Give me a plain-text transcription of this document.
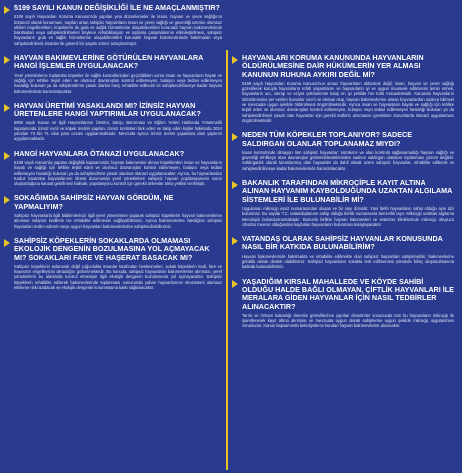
5199 SAYILI KANUN DEĞİŞİKLİĞİ İLE NE AMAÇLANMIŞTIR?

5199 sayılı Hayvanları Koruma Kanunu'nda yapılan yeni düzenlemeler ile insan, hayvan ve çevre sağlığının bütüncül olarak korunması, sayıları artan sahipsiz hayvanların insan ve çevre sağlığı ve güvenliği üzerine olumsuz etkileri engellenirken, köpeklerin de gıda ve sağlık hizmetlerine ulaşabilecekleri korunaklı hayvan bakımevlerinde bakılmaları veya sahiplendirilmeleri böylece rehabilitasyon ve aşılama çalışmalarının etkinleştirilmesi, sahipsiz hayvanların gıda ve sağlık hizmetlerine ulaşabilecekleri korunaklı hayvan bakımevlerinde bakılmaları veya sahiplendirilerek insanlar ile güvenli bir yaşam süreci amaçlanmıştır.

HAYVAN BAKIMEVLERİNE GÖTÜRÜLEN HAYVANLARA HANGİ İŞLEMLER UYGULANACAK?

Yerel yönetimlerce toplanılan köpekler ile sağlık kontrollerinden geçirildikten sonra insan ve hayvanların hayatı ve sağlığı için tehlike teşkil eden ve olumsuz davranışları kontrol edilemeyen, bulaşıcı veya tedavi edilemeyen hastalığı bulunan ya da sahiplendirme yasak olanlar hariç rehabilite edilecek ve sahiplendirilinceye kadar hayvan bakımevlerinde barındırılacaktır.

HAYVAN ÜRETİMİ YASAKLANDI MI? İZİNSİZ HAYVAN ÜRETENLERE HANGİ YAPTIRIMLAR UYGULANACAK?

5996 sayılı Kanun ve ilgili Hayvanlarının Üretimi, Satışı, Barınması ve Eğitim Yerleri Hakkında Yönetmelik kapsamında izinsiz evcil ve köpek üretimi yapılan, izinsiz üretimleri fark eden ve takip eden kişiler hakkında 2024 yılından 73 bin TL idari para cezası uygulanmaktadır. Mevcutta ayrıca izinsiz üretim yapanlara idari yaptırım uygulanmaktadır.

HANGİ HAYVANLARA ÖTANAZİ UYGULANACAK?

5199 sayılı Kanun'da yapılan değişiklik kapsamında; hayvan bakımevine alınan köpeklerden insan ve hayvanların hayatı ve sağlığı için tehlike teşkil eden ve olumsuz davranışları kontrol edilemeyen, bulaşıcı veya tedavi edilemeyen hastalığı bulunan ya da sahiplendirme yasak olanlara ötanazi uygulanacaktır. Ayrıca, bu hayvanlardan Kuduz karantina hayvanlarının ölümü durumunda yerel yönetimlere sahipsiz hayvan popülasyonunu sorun oluşturduğuna kanaat getirilmesi halinde, popülasyonu kontrol için gerekli önlemler alma yetkisi verilmiştir.

SOKAĞIMDA SAHİPSİZ HAYVAN GÖRDÜM, NE YAPMALIYIM?

Sahipsiz hayvanlarla ilgili bildirimlerinizi ilgili yerel yönetimlere yaparak sahipsiz köpeklerin hayvan bakımevlerine alınması sahipsiz kedilerin ise rehabilite edilmesini sağlayabilirsiniz. Ayrıca bakımevlerine istediğiniz sahipsiz hayvanları teslim ederek meşe uygun hayvanları bakımevlerinden sahiplendirebilirsiniz.

SAHİPSİZ KÖPEKLERİN SOKAKLARDA OLMAMASI EKOLOJİK DENGENİN BOZULMASINA YOL AÇMAYACAK MI? SOKAKLARI FARE VE HAŞERAT BASACAK MI?

Sahipsiz köpeklerin avlanarak değil çoğunlukla insanlar tarafından beslenmeleri, sokak köpeklerin kedi, fare ve haşeratın engelleyicisi olmadığını göstermektedir. Bu konuda, sahipsiz hayvanların bakımevlerine alınması, yerel yönetimlerin bu alanlarda kontrol etmesiyle ilgili ekolojik dengenin bozulmasına yol açmayacaktır. Sahipsiz köpeklerin rehabilite edilerek bakımevlerinde toplanması sonucunda yaban hayvanlarının ekosistemi olumsuz etkileme riski azalacak ve ekolojik dengenin korunmasına katkı sağlanacaktır.

HAYVANLARI KORUMA KANUNUNDA HAYVANLARIN ÖLDÜRÜLMESİNE DAİR HÜKÜMLERİN YER ALMASI KANUNUN RUHUNA AYKIRI DEĞİL Mİ?

5199 sayılı Hayvanları Koruma Kanunu'nun amacı hayvanların öldürmek değil; insan, hayvan ve çevre sağlığı gözetilerek koruyla hayvanların refah yaşamlarını ve hayvanların iyi ve uygun muamele edilmesini temin etmek, hayvanların acı, ıstırap ve eziyet çekmelerine karşı en iyi şekilde her türlü mücadelesidir. Kanunda hayvanların öldürülmesine yer verilen hususlar sınırlı ve istisnai olup, hayvan bakımevlerine alınan hayvanlardan sadece bilimsel ve mevzuata uygun şekilde öldürülmesi öngörülmektedir. Ayrıca insan ve hayvanların hayatı ve sağlığı için tehlike teşkil eden ve olumsuz davranışları kontrol edilemeyen, bulaşıcı veya tedavi edilemeyen hastalığı bulunan ya da sahiplendirilmesi yasak olan hayvanlar için gerekli tedbirin alınmasını gerektiren durumlarda ötanazi uygulanması öngörülmektedir.

NEDEN TÜM KÖPEKLER TOPLANIYOR? SADECE SALDIRGAN OLANLAR TOPLANAMAZ MIYDI?

İnsan kontrolünde olmayan tüm sahipsiz hayvanlar; sürülerce ve olan kontrolü sağlanamadığı hayvan sağlığı ve güvenliği tehlikeye atan davranışlar gösterebileceklerinden sadece saldırgan olanların toplanması çözüm değildir. Saldırganlık olarak tanımlanmış olan hayvanlar da dahil olmak üzere sahipsiz hayvanlar, rehabilite edilecek ve sahiplendirilinceye kadar bakımevlerinde barındırılacaktır.

BAKANLIK TARAFINDAN MİKROÇİPLE KAYIT ALTINA ALINAN HAYVANIM KAYBOLDUĞUNDA UZAKTAN ALGILAMA SİSTEMLERİ İLE BULUNABİLİR Mİ?

Uygulanan mikroçip eşsiz numarasından oluşan ve bir sayı dizisidir. Yani farklı hayvanların sahip olduğu aynı dizi bulunmaz. Bu sayılar T.C. vatandaşlarının sahip olduğu kimlik numarasına benzerlik taşır. Mikroçip uzaktan algılama teknolojisi bulundurmamaktadır. Bununla birlikte hayvan bakımevleri ve veteriner kliniklerinde mikroçip okuyucu cihazlar mevcut olduğundan kaybolan hayvanların bulunması kolaylaşacaktır.

VATANDAŞ OLARAK SAHİPSİZ HAYVANLAR KONUSUNDA NASIL BİR KATKIDA BULUNABİLİRİM?

Hayvan bakımevlerinde bakılmakta ve rehabilite edilmekte olan sahipsiz hayvanları sahiplenebilir, bakımevlerine gönüllü olarak destek olabilirsiniz. Sahipsiz hayvanların sokakta terk edilmemesi yönünde bilinç oluşturulmasına katkıda bulunabilirsiniz.

YAŞADIĞIM KIRSAL MAHALLEDE VE KÖYDE SAHİBİ OLDUĞU HALDE BAĞLI OLMAYAN, ÇİFTLİK HAYVANLARI İLE MERALARA GİDEN HAYVANLAR İÇİN NASIL TEDBİRLER ALINACAKTIR?

Tarım ve Orman bakanlığı denetim görevlilerince yapılan denetimler sonucunda tüm bu hayvanların mikroçip ile işaretlenerek kayıt altına alınması ve mevzuata uygun olarak sahiplerine uygun şekilde mikroçip uygulanması zorunludur. Kanun kapsamında belediyelerce kurulan hayvan bakımevlerine alınacaktır.
